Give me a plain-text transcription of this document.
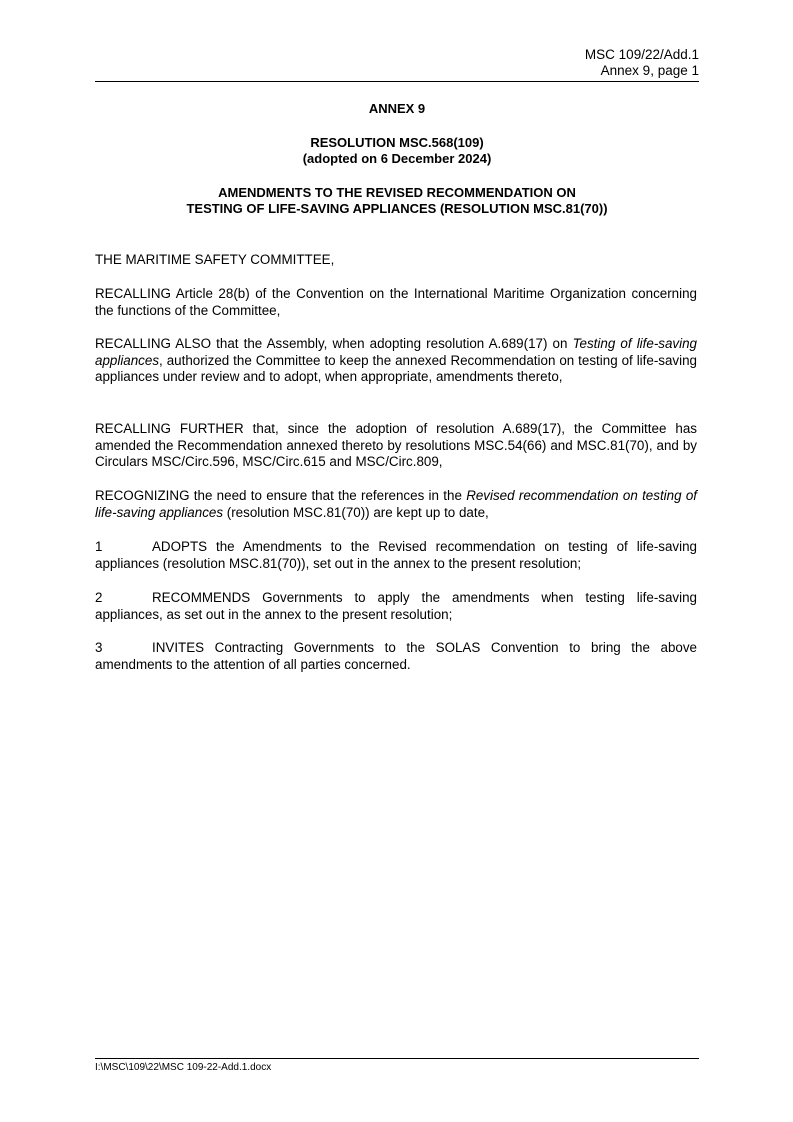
MSC 109/22/Add.1
Annex 9, page 1
ANNEX 9
RESOLUTION MSC.568(109)
(adopted on 6 December 2024)
AMENDMENTS TO THE REVISED RECOMMENDATION ON
TESTING OF LIFE-SAVING APPLIANCES (RESOLUTION MSC.81(70))

THE MARITIME SAFETY COMMITTEE,

RECALLING Article 28(b) of the Convention on the International Maritime Organization concerning the functions of the Committee,

RECALLING ALSO that the Assembly, when adopting resolution A.689(17) on Testing of life-saving appliances, authorized the Committee to keep the annexed Recommendation on testing of life-saving appliances under review and to adopt, when appropriate, amendments thereto,

RECALLING FURTHER that, since the adoption of resolution A.689(17), the Committee has amended the Recommendation annexed thereto by resolutions MSC.54(66) and MSC.81(70), and by Circulars MSC/Circ.596, MSC/Circ.615 and MSC/Circ.809,

RECOGNIZING the need to ensure that the references in the Revised recommendation on testing of life-saving appliances (resolution MSC.81(70)) are kept up to date,

1	ADOPTS the Amendments to the Revised recommendation on testing of life-saving appliances (resolution MSC.81(70)), set out in the annex to the present resolution;

2	RECOMMENDS Governments to apply the amendments when testing life-saving appliances, as set out in the annex to the present resolution;

3	INVITES Contracting Governments to the SOLAS Convention to bring the above amendments to the attention of all parties concerned.

I:\MSC\109\22\MSC 109-22-Add.1.docx
